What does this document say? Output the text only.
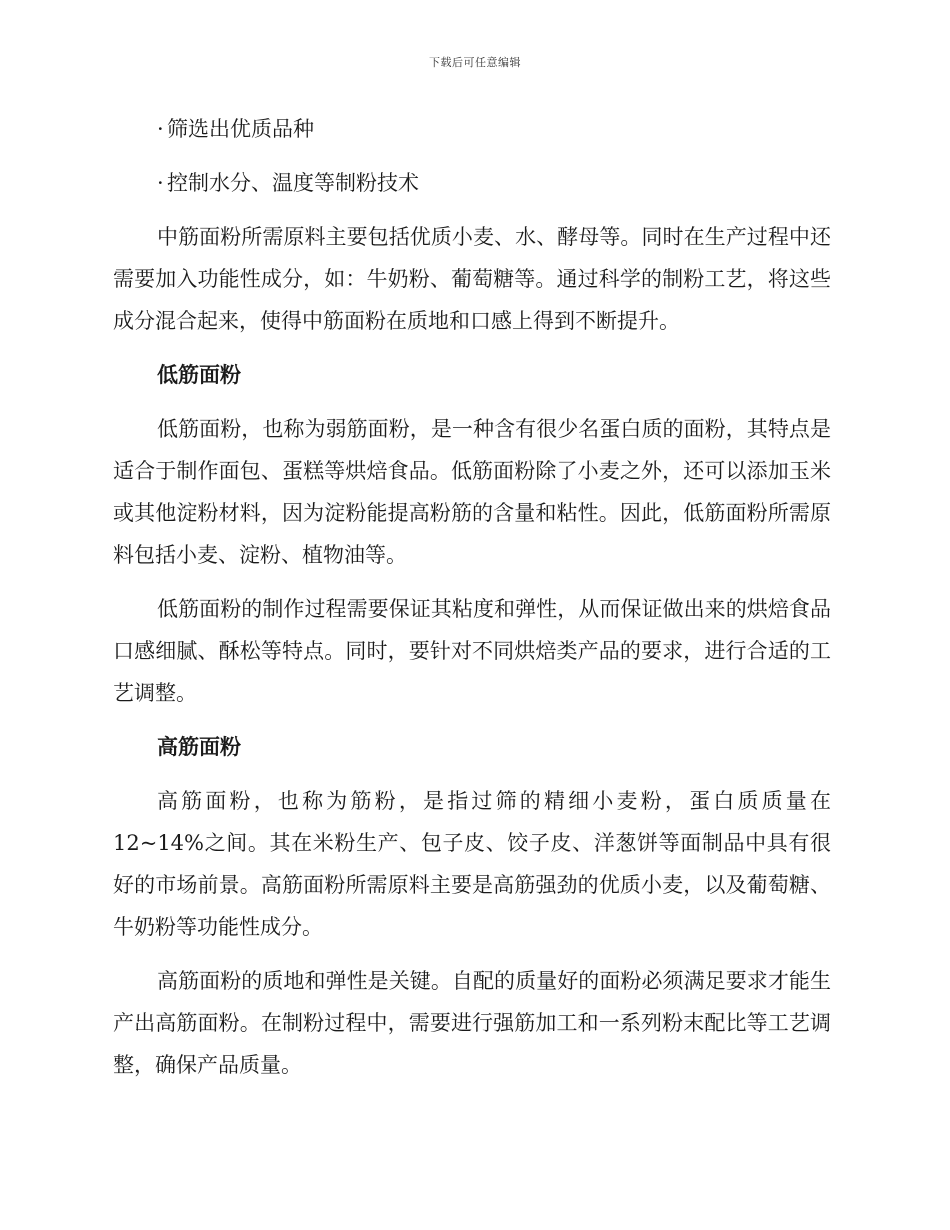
下载后可任意编辑
· 筛选出优质品种
· 控制水分、温度等制粉技术

中筋面粉所需原料主要包括优质小麦、水、酵母等。同时在生产过程中还需要加入功能性成分，如：牛奶粉、葡萄糖等。通过科学的制粉工艺，将这些成分混合起来，使得中筋面粉在质地和口感上得到不断提升。

低筋面粉

低筋面粉，也称为弱筋面粉，是一种含有很少名蛋白质的面粉，其特点是适合于制作面包、蛋糕等烘焙食品。低筋面粉除了小麦之外，还可以添加玉米或其他淀粉材料，因为淀粉能提高粉筋的含量和粘性。因此，低筋面粉所需原料包括小麦、淀粉、植物油等。

低筋面粉的制作过程需要保证其粘度和弹性，从而保证做出来的烘焙食品口感细腻、酥松等特点。同时，要针对不同烘焙类产品的要求，进行合适的工艺调整。

高筋面粉

高筋面粉，也称为筋粉，是指过筛的精细小麦粉，蛋白质质量在12~14%之间。其在米粉生产、包子皮、饺子皮、洋葱饼等面制品中具有很好的市场前景。高筋面粉所需原料主要是高筋强劲的优质小麦，以及葡萄糖、牛奶粉等功能性成分。

高筋面粉的质地和弹性是关键。自配的质量好的面粉必须满足要求才能生产出高筋面粉。在制粉过程中，需要进行强筋加工和一系列粉末配比等工艺调整，确保产品质量。
